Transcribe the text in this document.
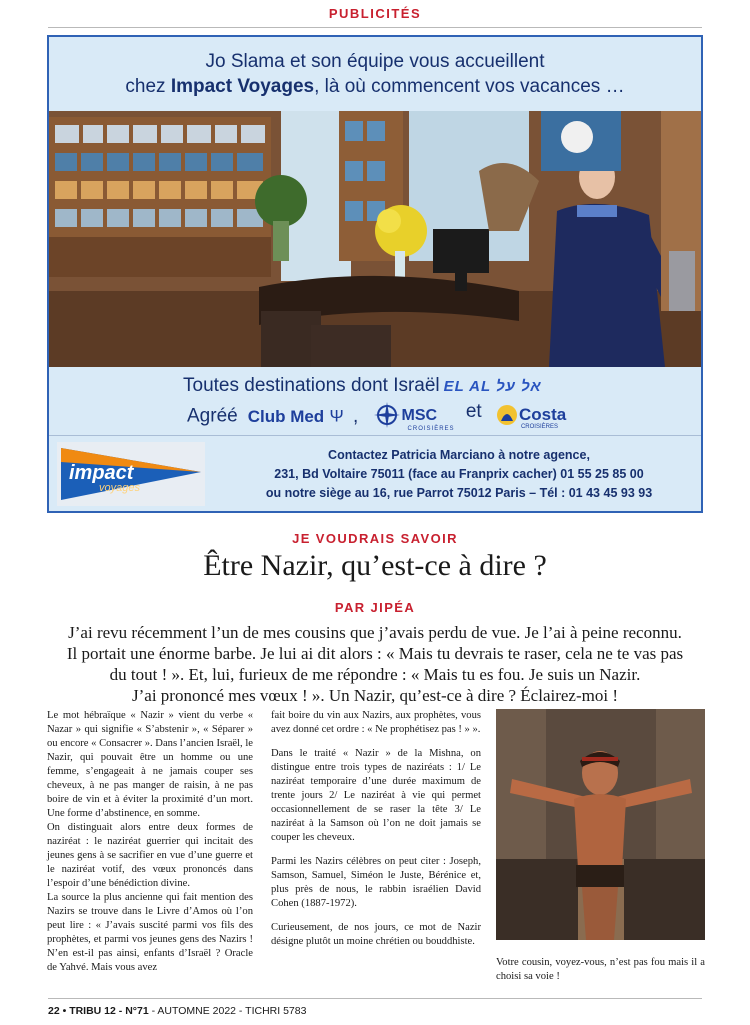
PUBLICITÉS
Jo Slama et son équipe vous accueillent
chez Impact Voyages, là où commencent vos vacances …
Toutes destinations dont Israël EL AL אל על
Agréé Club Med Ψ ,	MSC
CROISIÈRES
et Costa
CROISIÈRES
impact
voyages
Contactez Patricia Marciano à notre agence,
231, Bd Voltaire 75011 (face au Franprix cacher) 01 55 25 85 00
ou notre siège au 16, rue Parrot 75012 Paris – Tél : 01 43 45 93 93
JE VOUDRAIS SAVOIR
Être Nazir, qu’est-ce à dire ?
PAR JIPÉA

J’ai revu récemment l’un de mes cousins que j’avais perdu de vue. Je l’ai à peine reconnu.

Il portait une énorme barbe. Je lui ai dit alors : « Mais tu devrais te raser, cela ne te vas pas

du tout ! ». Et, lui, furieux de me répondre : « Mais tu es fou. Je suis un Nazir.

J’ai prononcé mes vœux ! ». Un Nazir, qu’est-ce à dire ? Éclairez-moi !

Le mot hébraïque « Nazir » vient du verbe « Nazar » qui signifie « S’abstenir », « Séparer » ou encore « Consacrer ». Dans l’ancien Israël, le Nazir, qui pouvait être un homme ou une femme, s’engageait à ne jamais couper ses cheveux, à ne pas manger de raisin, à ne pas boire de vin et à éviter la proximité d’un mort. Une forme d’abstinence, en somme.

On distinguait alors entre deux formes de naziréat : le naziréat guerrier qui incitait des jeunes gens à se sacrifier en vue d’une guerre et le naziréat votif, des vœux prononcés dans l’espoir d’une bénédiction divine.

La source la plus ancienne qui fait mention des Nazirs se trouve dans le Livre d’Amos où l’on peut lire : « J’avais suscité parmi vos fils des prophètes, et parmi vos jeunes gens des Nazirs ! N’en est-il pas ainsi, enfants d’Israël ? Oracle de Yahvé. Mais vous avez

fait boire du vin aux Nazirs, aux prophètes, vous avez donné cet ordre : « Ne prophétisez pas ! » ».

Dans le traité « Nazir » de la Mishna, on distingue entre trois types de naziréats : 1/ Le naziréat temporaire d’une durée maximum de trente jours 2/ Le naziréat à vie qui permet occasionnellement de se raser la tête 3/ Le naziréat à la Samson où l’on ne doit jamais se couper les cheveux.

Parmi les Nazirs célèbres on peut citer : Joseph, Samson, Samuel, Siméon le Juste, Bérénice et, plus près de nous, le rabbin israélien David Cohen (1887-1972).

Curieusement, de nos jours, ce mot de Nazir désigne plutôt un moine chrétien ou bouddhiste.

Votre cousin, voyez-vous, n’est pas fou mais il a choisi sa voie !
22 • TRIBU 12 - N°71 - AUTOMNE 2022 - TICHRI 5783
